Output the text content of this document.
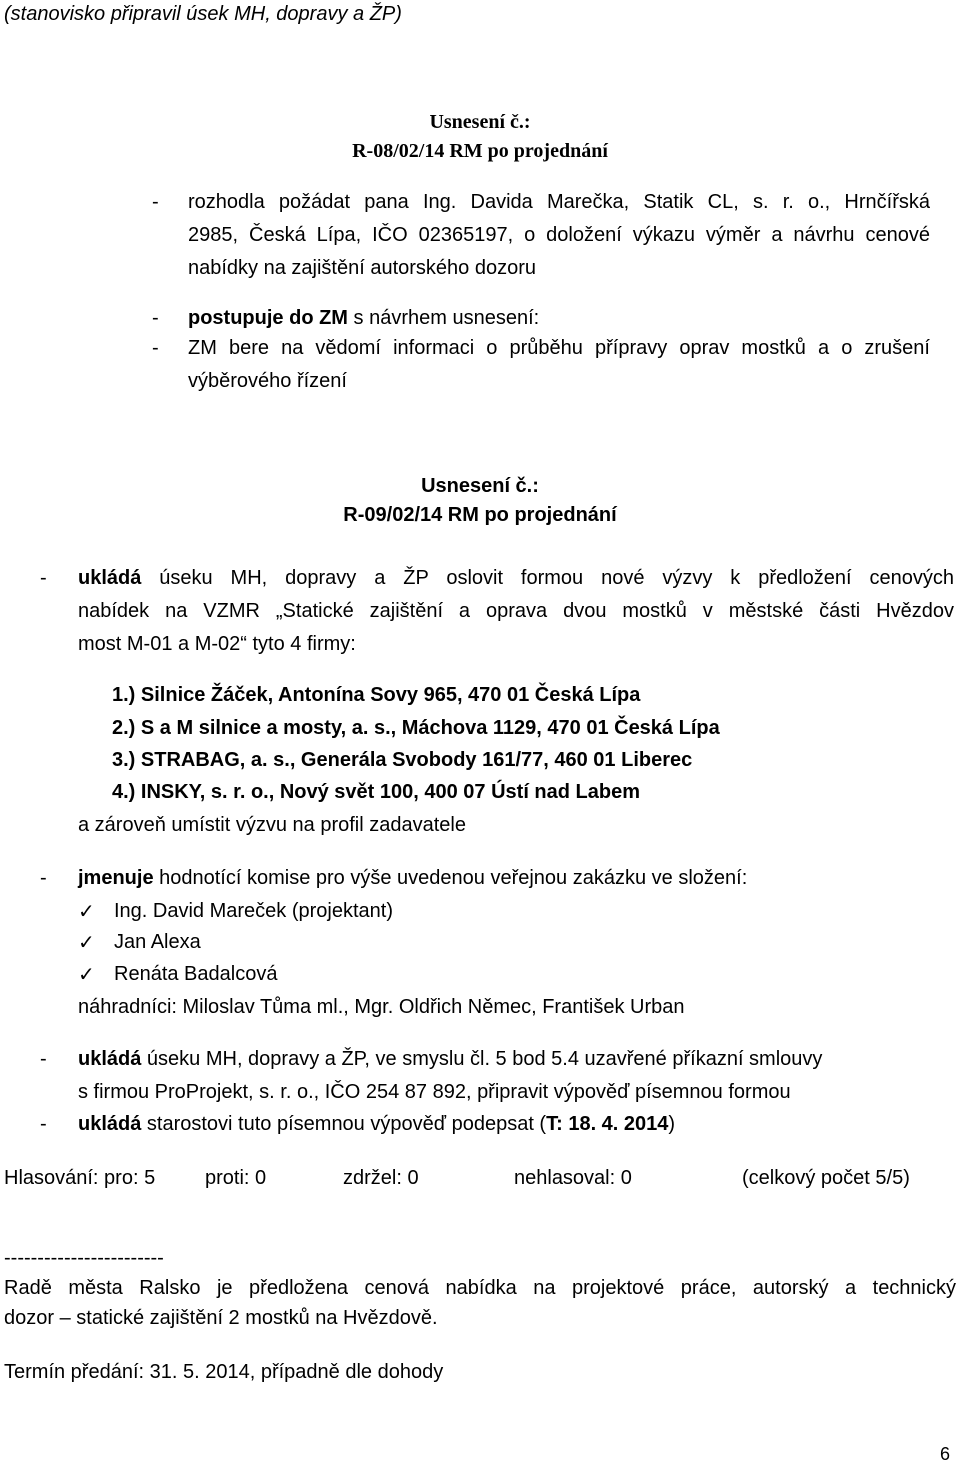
(stanovisko připravil úsek MH, dopravy a ŽP)
Usnesení č.:
R-08/02/14 RM po projednání
- rozhodla požádat pana Ing. Davida Marečka, Statik CL, s. r. o., Hrnčířská
2985, Česká Lípa, IČO 02365197, o doložení výkazu výměr a návrhu cenové
nabídky na zajištění autorského dozoru
- postupuje do ZM s návrhem usnesení:
- ZM bere na vědomí informaci o průběhu přípravy oprav mostků a o zrušení
výběrového řízení
Usnesení č.:
R-09/02/14 RM po projednání
- ukládá úseku MH, dopravy a ŽP oslovit formou nové výzvy k předložení cenových
nabídek na VZMR „Statické zajištění a oprava dvou mostků v městské části Hvězdov
most M-01 a M-02“ tyto 4 firmy:
1.) Silnice Žáček, Antonína Sovy 965, 470 01 Česká Lípa
2.) S a M silnice a mosty, a. s., Máchova 1129, 470 01 Česká Lípa
3.) STRABAG, a. s., Generála Svobody 161/77, 460 01 Liberec
4.) INSKY, s. r. o., Nový svět 100, 400 07 Ústí nad Labem
a zároveň umístit výzvu na profil zadavatele
- jmenuje hodnotící komise pro výše uvedenou veřejnou zakázku ve složení:
✓ Ing. David Mareček (projektant)
✓ Jan Alexa
✓ Renáta Badalcová
náhradníci: Miloslav Tůma ml., Mgr. Oldřich Němec, František Urban
- ukládá úseku MH, dopravy a ŽP, ve smyslu čl. 5 bod 5.4 uzavřené příkazní smlouvy
s firmou ProProjekt, s. r. o., IČO 254 87 892, připravit výpověď písemnou formou
- ukládá starostovi tuto písemnou výpověď podepsat (T: 18. 4. 2014)
Hlasování: pro: 5 proti: 0	zdržel: 0	nehlasoval: 0	(celkový počet 5/5)
------------------------
Radě města Ralsko je předložena cenová nabídka na projektové práce, autorský a technický
dozor – statické zajištění 2 mostků na Hvězdově.
Termín předání: 31. 5. 2014, případně dle dohody
6
